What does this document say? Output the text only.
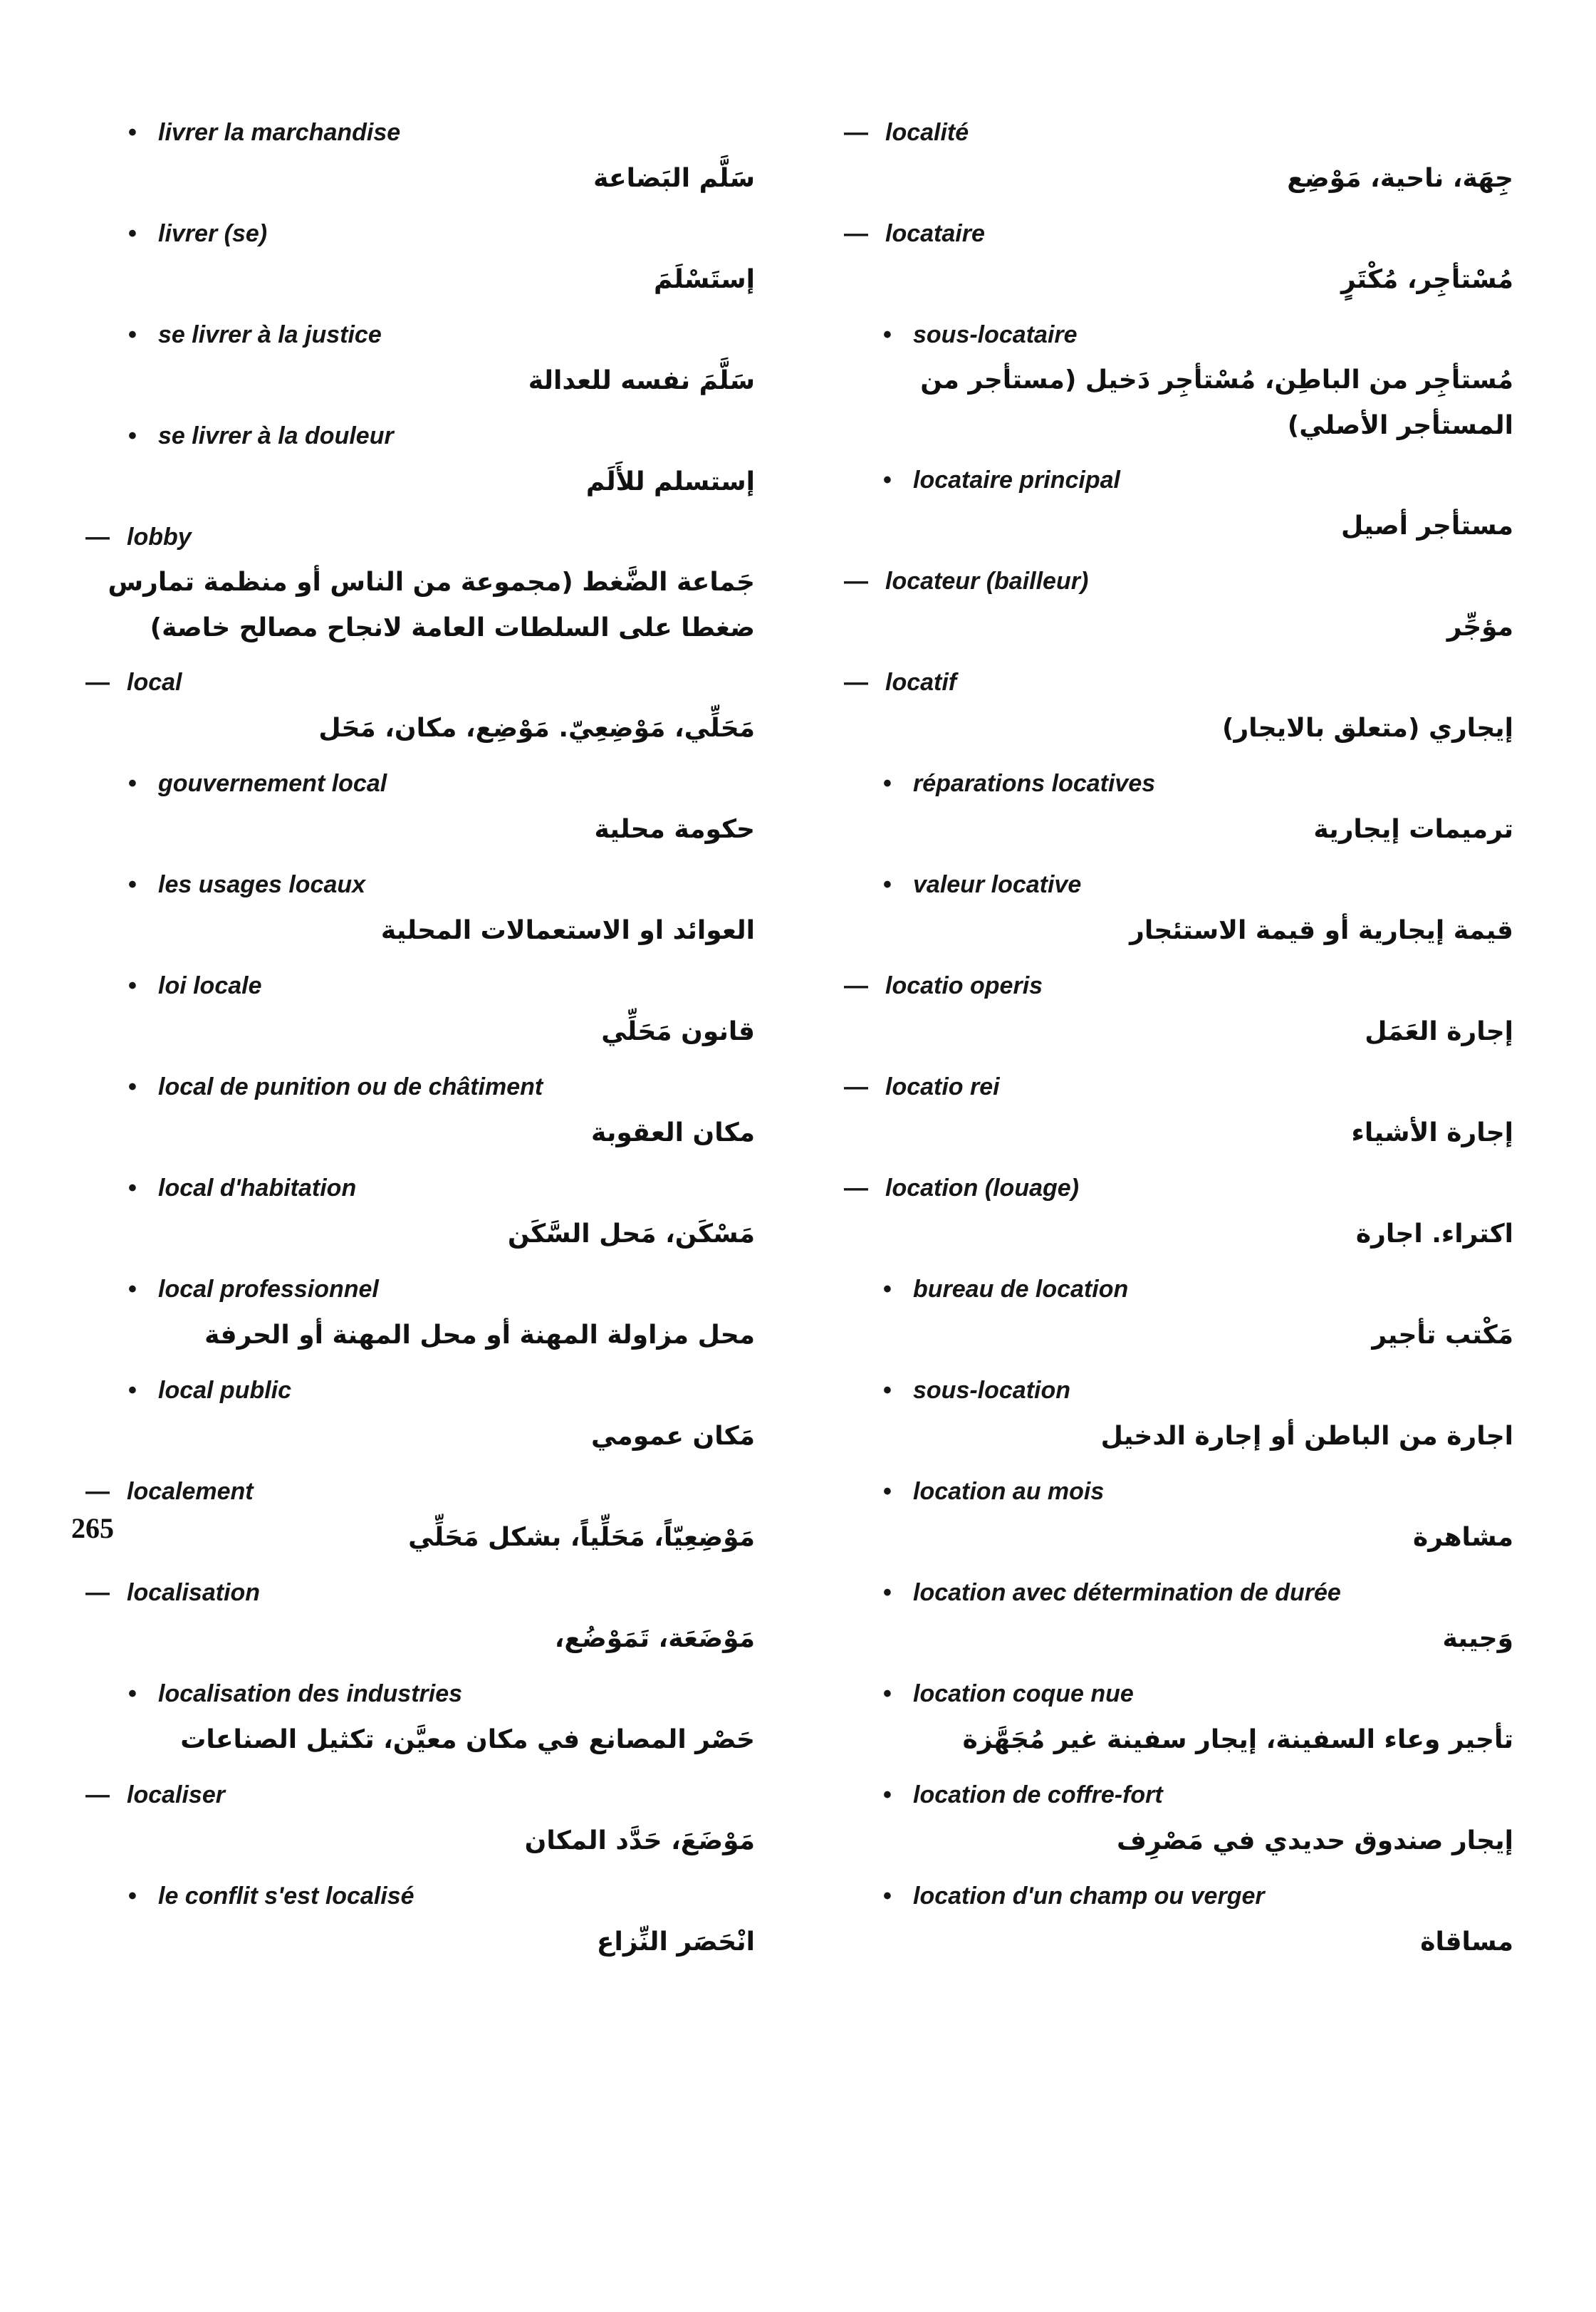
• livrer la marchandise
سَلَّم البَضاعة
• livrer (se)
إستَسْلَمَ
• se livrer à la justice
سَلَّمَ نفسه للعدالة
• se livrer à la douleur
إستسلم للأَلَم
— lobby
جَماعة الضَّغط (مجموعة من الناس أو منظمة تمارس ضغطا على السلطات العامة لانجاح مصالح خاصة)
— local
مَحَلِّي، مَوْضِعِيّ. مَوْضِع، مكان، مَحَل
• gouvernement local
حكومة محلية
• les usages locaux
العوائد او الاستعمالات المحلية
• loi locale
قانون مَحَلِّي
• local de punition ou de châtiment
مكان العقوبة
• local d'habitation
مَسْكَن، مَحل السَّكَن
• local professionnel
محل مزاولة المهنة أو محل المهنة أو الحرفة
• local public
مَكان عمومي
— localement
مَوْضِعِيّاً، مَحَلِّياً، بشكل مَحَلِّي
— localisation
مَوْضَعَة، تَمَوْضُع،
• localisation des industries
حَصْر المصانع في مكان معيَّن، تكثيل الصناعات
— localiser
مَوْضَعَ، حَدَّد المكان
• le conflit s'est localisé
انْحَصَر النِّزاع
— localité
جِهَة، ناحية، مَوْضِع
— locataire
مُسْتأجِر، مُكْتَرٍ
• sous-locataire
مُستأجِر من الباطِن، مُسْتأجِر دَخيل (مستأجر من المستأجر الأصلي)
• locataire principal
مستأجر أصيل
— locateur (bailleur)
مؤجِّر
— locatif
إيجاري (متعلق بالايجار)
• réparations locatives
ترميمات إيجارية
• valeur locative
قيمة إيجارية أو قيمة الاستئجار
— locatio operis
إجارة العَمَل
— locatio rei
إجارة الأشياء
— location (louage)
اكتراء. اجارة
• bureau de location
مَكْتب تأجير
• sous-location
اجارة من الباطن أو إجارة الدخيل
• location au mois
مشاهرة
• location avec détermination de durée
وَجيبة
• location coque nue
تأجير وعاء السفينة، إيجار سفينة غير مُجَهَّزة
• location de coffre-fort
إيجار صندوق حديدي في مَصْرِف
• location d'un champ ou verger
مساقاة
265
